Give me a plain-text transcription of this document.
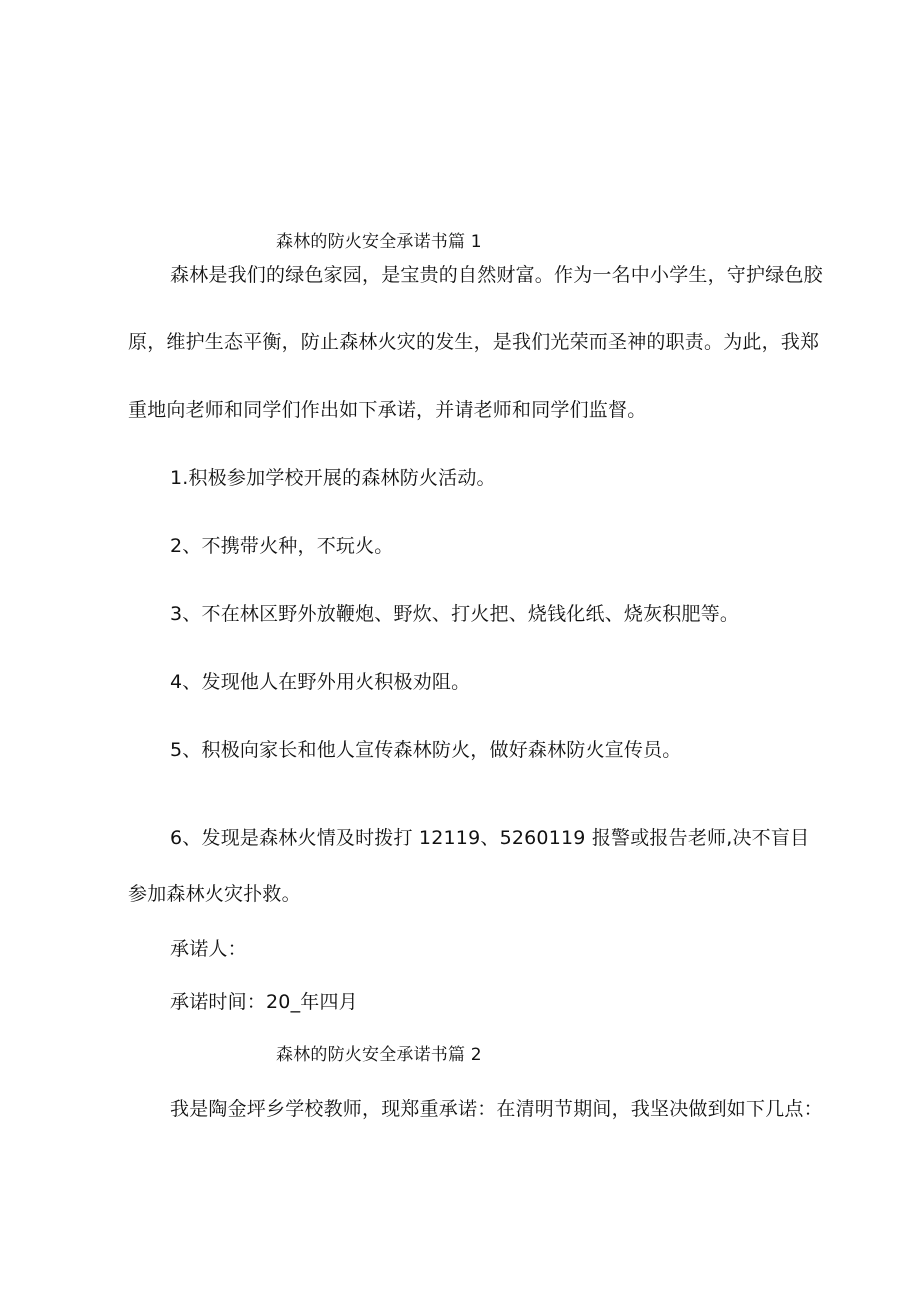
森林的防火安全承诺书篇 1
森林是我们的绿色家园，是宝贵的自然财富。作为一名中小学生，守护绿色胶
原，维护生态平衡，防止森林火灾的发生，是我们光荣而圣神的职责。为此，我郑
重地向老师和同学们作出如下承诺，并请老师和同学们监督。
1.积极参加学校开展的森林防火活动。
2、不携带火种，不玩火。
3、不在林区野外放鞭炮、野炊、打火把、烧钱化纸、烧灰积肥等。
4、发现他人在野外用火积极劝阻。
5、积极向家长和他人宣传森林防火，做好森林防火宣传员。
6、发现是森林火情及时拨打 12119、5260119 报警或报告老师,决不盲目
参加森林火灾扑救。
承诺人：
承诺时间：20_年四月
森林的防火安全承诺书篇 2
我是陶金坪乡学校教师，现郑重承诺：在清明节期间，我坚决做到如下几点：
